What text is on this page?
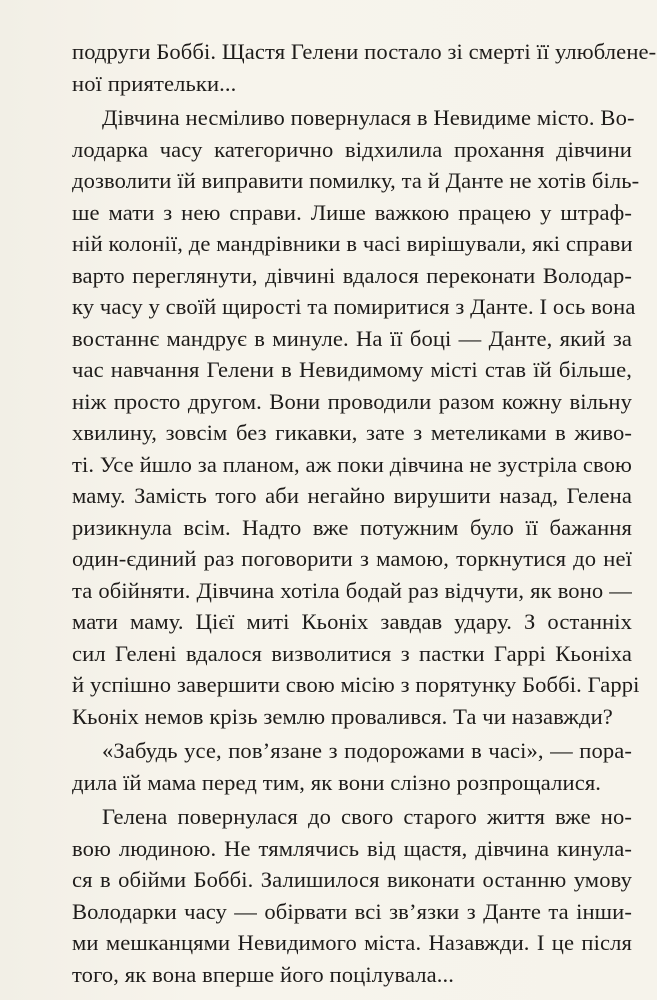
подруги Боббі. Щастя Гелени постало зі смерті її улюблене-
ної приятельки...

Дівчина несміливо повернулася в Невидиме місто. Во-
лодарка часу категорично відхилила прохання дівчини
дозволити їй виправити помилку, та й Данте не хотів біль-
ше мати з нею справи. Лише важкою працею у штраф-
ній колонії, де мандрівники в часі вирішували, які справи
варто переглянути, дівчині вдалося переконати Володар-
ку часу у своїй щирості та помиритися з Данте. І ось вона
востаннє мандрує в минуле. На її боці — Данте, який за
час навчання Гелени в Невидимому місті став їй більше,
ніж просто другом. Вони проводили разом кожну вільну
хвилину, зовсім без гикавки, зате з метеликами в живо-
ті. Усе йшло за планом, аж поки дівчина не зустріла свою
маму. Замість того аби негайно вирушити назад, Гелена
ризикнула всім. Надто вже потужним було її бажання
один-єдиний раз поговорити з мамою, торкнутися до неї
та обійняти. Дівчина хотіла бодай раз відчути, як воно —
мати маму. Цієї миті Кьоніх завдав удару. З останніх
сил Гелені вдалося визволитися з пастки Гаррі Кьоніха
й успішно завершити свою місію з порятунку Боббі. Гаррі
Кьоніх немов крізь землю провалився. Та чи назавжди?

«Забудь усе, пов’язане з подорожами в часі», — пора-
дила їй мама перед тим, як вони слізно розпрощалися.

Гелена повернулася до свого старого життя вже но-
вою людиною. Не тямлячись від щастя, дівчина кинула-
ся в обійми Боббі. Залишилося виконати останню умову
Володарки часу — обірвати всі зв’язки з Данте та інши-
ми мешканцями Невидимого міста. Назавжди. І це після
того, як вона вперше його поцілувала...
